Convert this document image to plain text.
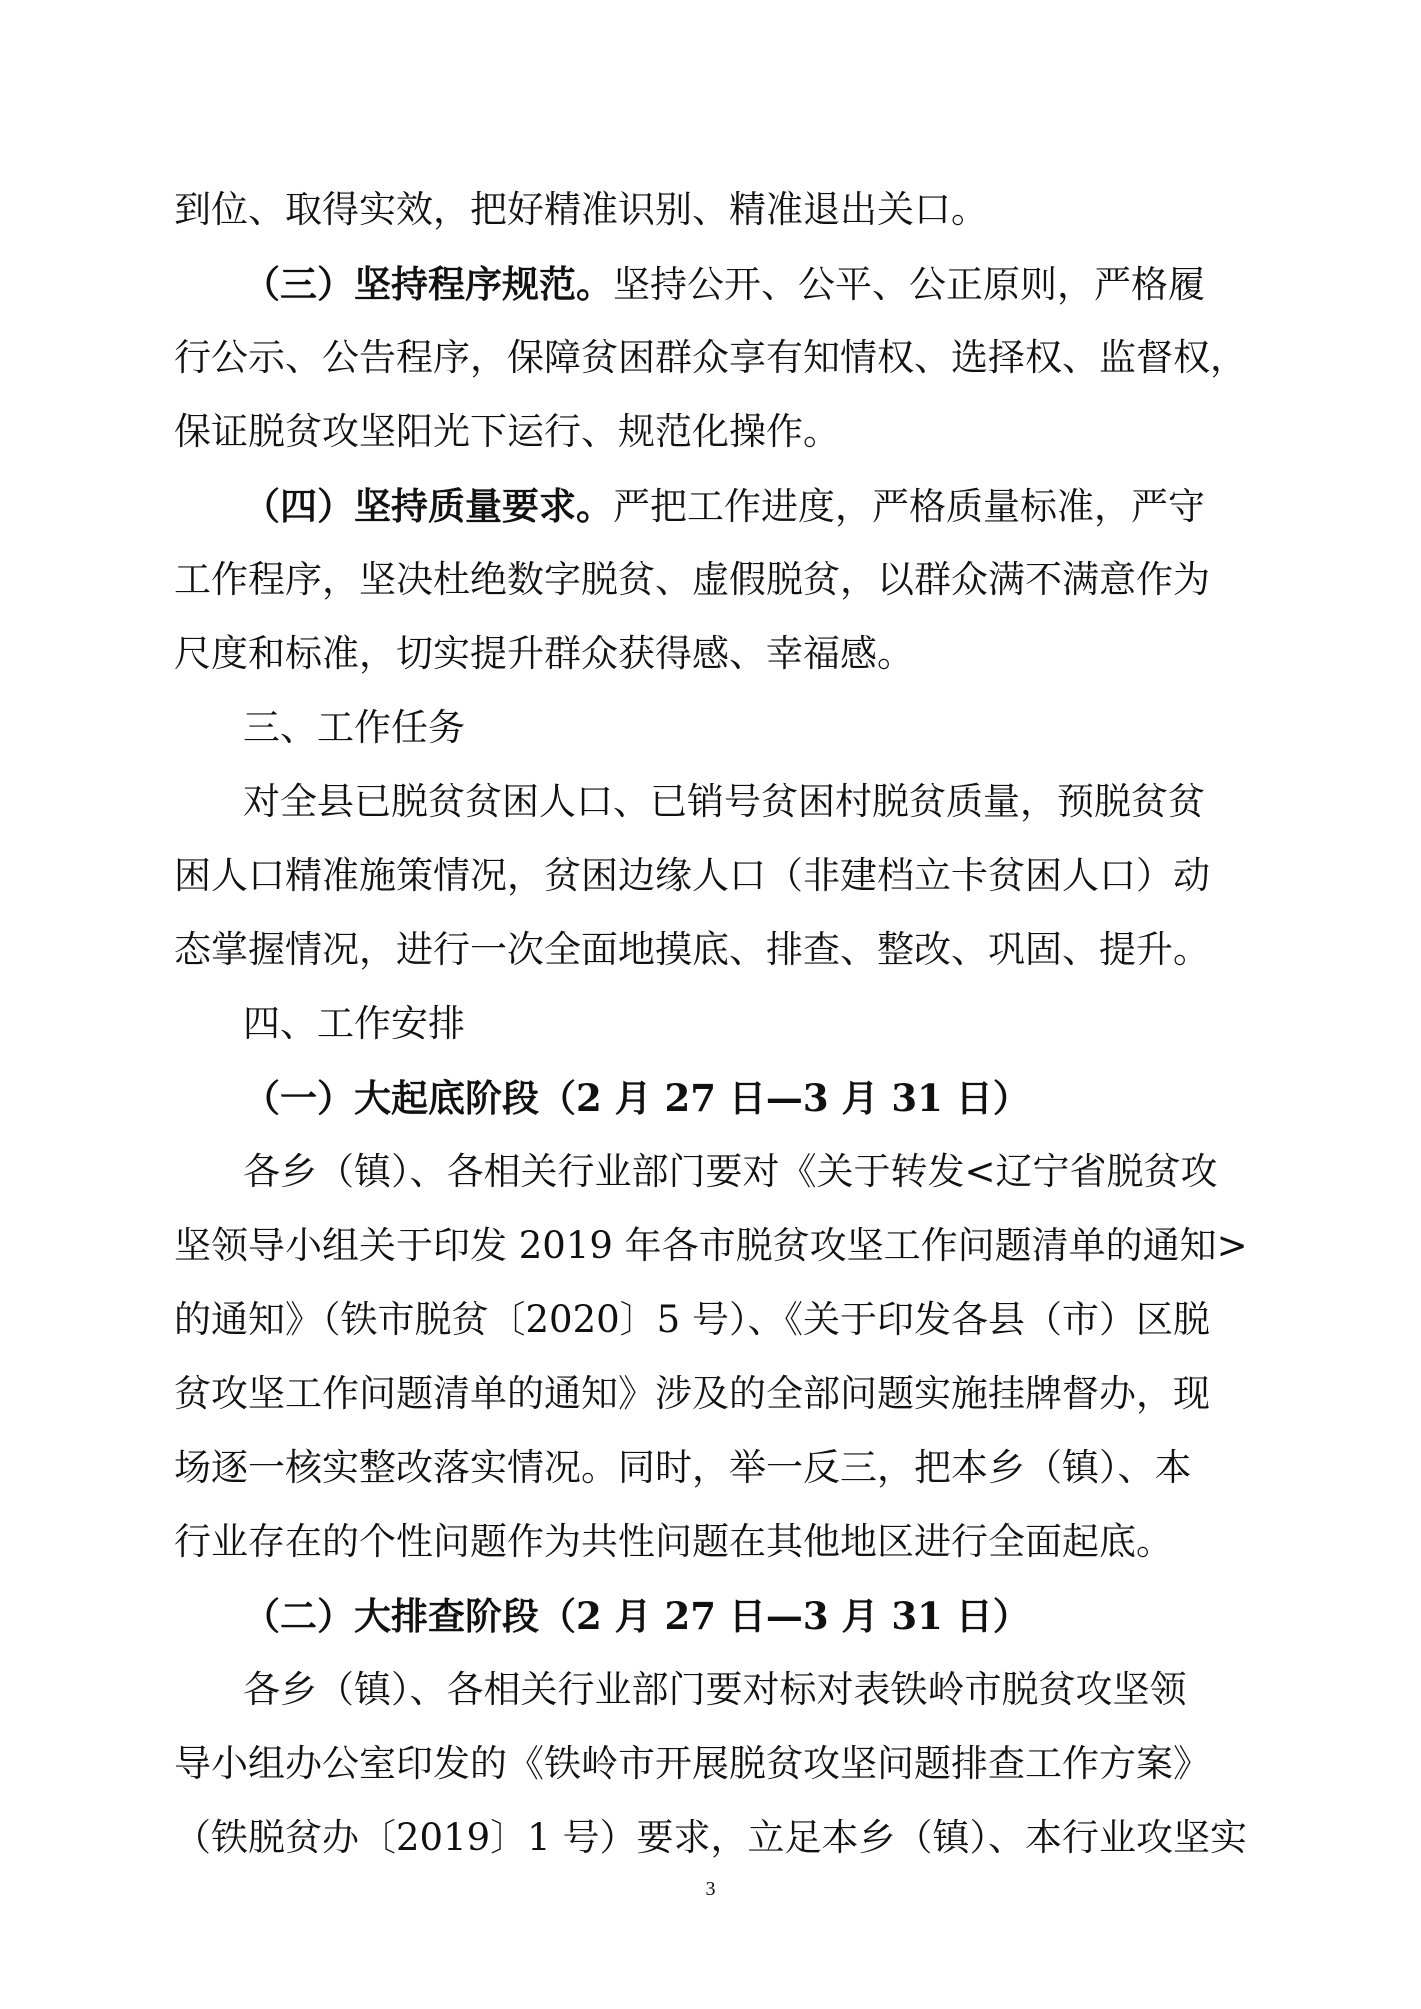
到位、取得实效，把好精准识别、精准退出关口。
（三）坚持程序规范。坚持公开、公平、公正原则，严格履
行公示、公告程序，保障贫困群众享有知情权、选择权、监督权，
保证脱贫攻坚阳光下运行、规范化操作。
（四）坚持质量要求。严把工作进度，严格质量标准，严守
工作程序，坚决杜绝数字脱贫、虚假脱贫，以群众满不满意作为
尺度和标准，切实提升群众获得感、幸福感。
三、工作任务
对全县已脱贫贫困人口、已销号贫困村脱贫质量，预脱贫贫
困人口精准施策情况，贫困边缘人口（非建档立卡贫困人口）动
态掌握情况，进行一次全面地摸底、排查、整改、巩固、提升。
四、工作安排
（一）大起底阶段（2 月 27 日—3 月 31 日）
各乡（镇）、各相关行业部门要对《关于转发<辽宁省脱贫攻
坚领导小组关于印发 2019 年各市脱贫攻坚工作问题清单的通知>
的通知》（铁市脱贫〔2020〕5 号）、《关于印发各县（市）区脱
贫攻坚工作问题清单的通知》涉及的全部问题实施挂牌督办，现
场逐一核实整改落实情况。同时，举一反三，把本乡（镇）、本
行业存在的个性问题作为共性问题在其他地区进行全面起底。
（二）大排查阶段（2 月 27 日—3 月 31 日）
各乡（镇）、各相关行业部门要对标对表铁岭市脱贫攻坚领
导小组办公室印发的《铁岭市开展脱贫攻坚问题排查工作方案》
（铁脱贫办〔2019〕1 号）要求，立足本乡（镇）、本行业攻坚实
3
